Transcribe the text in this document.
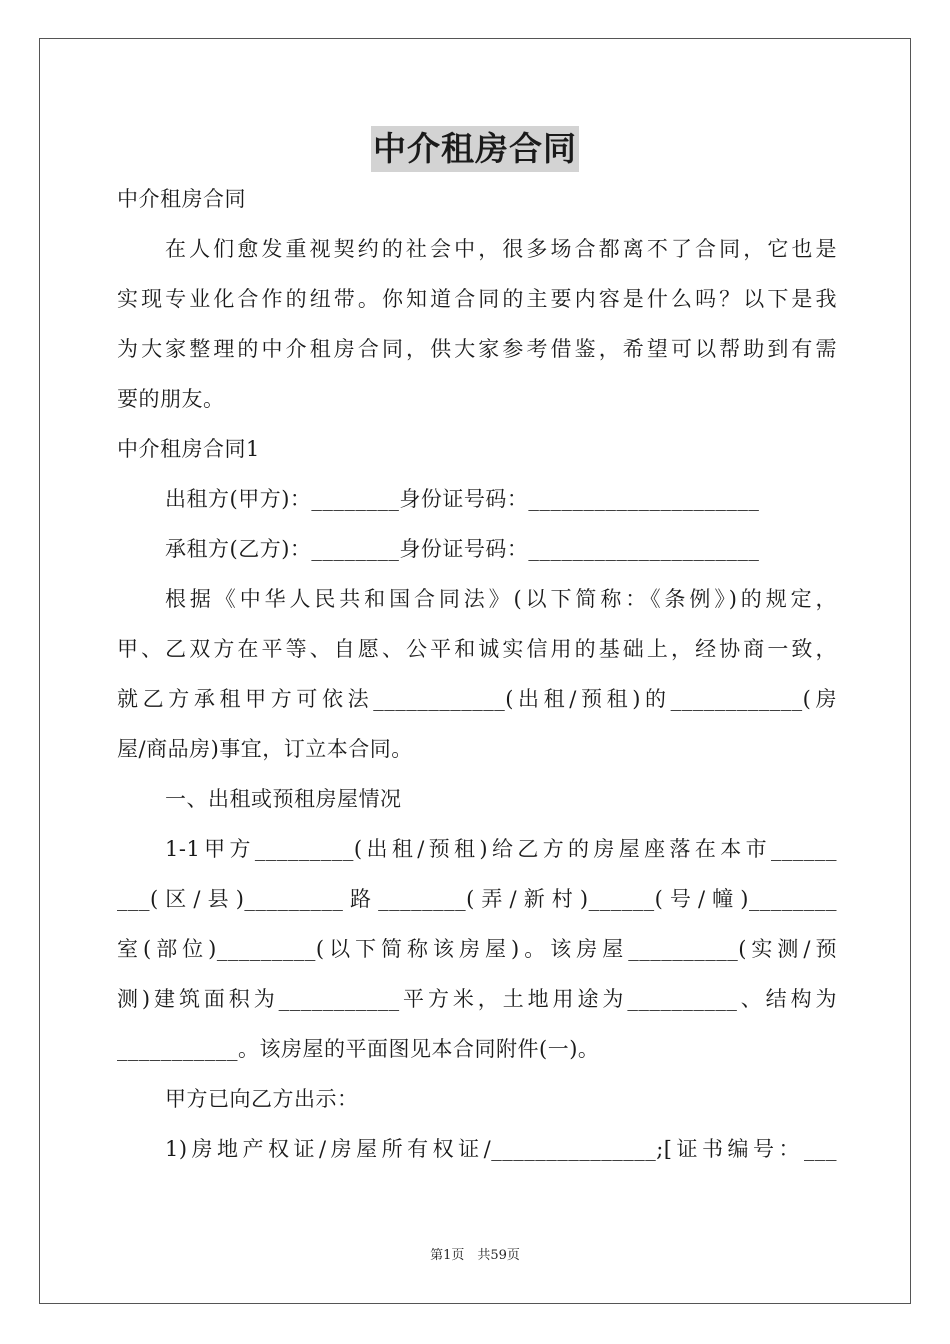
中介租房合同
中介租房合同
在人们愈发重视契约的社会中，很多场合都离不了合同，它也是
实现专业化合作的纽带。你知道合同的主要内容是什么吗？以下是我
为大家整理的中介租房合同，供大家参考借鉴，希望可以帮助到有需
要的朋友。
中介租房合同1
出租方(甲方)：________身份证号码：_____________________
承租方(乙方)：________身份证号码：_____________________
根据《中华人民共和国合同法》(以下简称：《条例》)的规定，
甲、乙双方在平等、自愿、公平和诚实信用的基础上，经协商一致，
就乙方承租甲方可依法____________(出租/预租)的____________(房
屋/商品房)事宜，订立本合同。
一、出租或预租房屋情况
1-1甲方_________(出租/预租)给乙方的房屋座落在本市______
___(区/县)_________路________(弄/新村)______(号/幢)________
室(部位)_________(以下简称该房屋)。该房屋__________(实测/预
测)建筑面积为___________平方米，土地用途为__________、结构为
___________。该房屋的平面图见本合同附件(一)。
甲方已向乙方出示：
1)房地产权证/房屋所有权证/_______________;[证书编号：___
第1页　共59页
